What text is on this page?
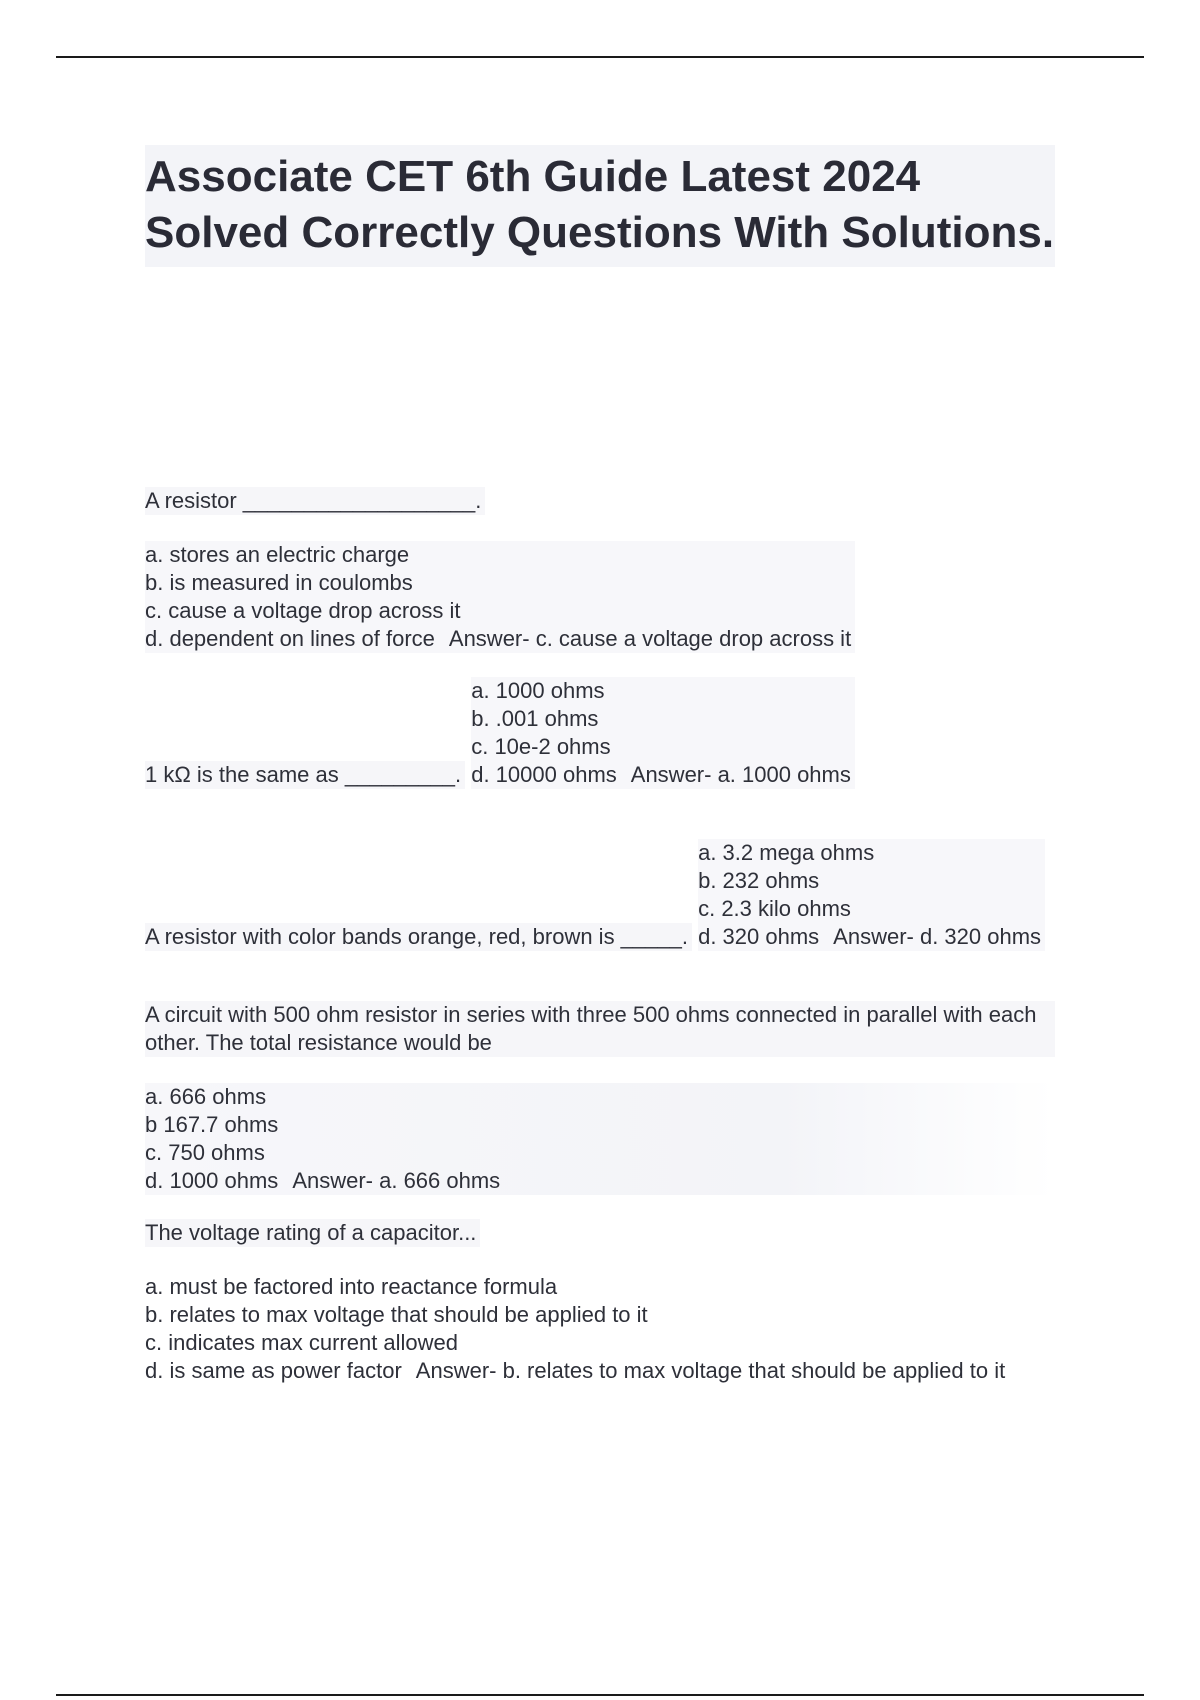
Associate CET 6th Guide Latest 2024 Solved Correctly Questions With Solutions.
A resistor ___________________.
a. stores an electric charge
b. is measured in coulombs
c. cause a voltage drop across it
d. dependent on lines of force Answer- c. cause a voltage drop across it
1 kΩ is the same as _________.
a. 1000 ohms
b. .001 ohms
c. 10e-2 ohms
d. 10000 ohms Answer- a. 1000 ohms
A resistor with color bands orange, red, brown is _____.
a. 3.2 mega ohms
b. 232 ohms
c. 2.3 kilo ohms
d. 320 ohms Answer- d. 320 ohms
A circuit with 500 ohm resistor in series with three 500 ohms connected in parallel with each other. The total resistance would be
a. 666 ohms
b 167.7 ohms
c. 750 ohms
d. 1000 ohms Answer- a. 666 ohms
The voltage rating of a capacitor...
a. must be factored into reactance formula
b. relates to max voltage that should be applied to it
c. indicates max current allowed
d. is same as power factor Answer- b. relates to max voltage that should be applied to it
